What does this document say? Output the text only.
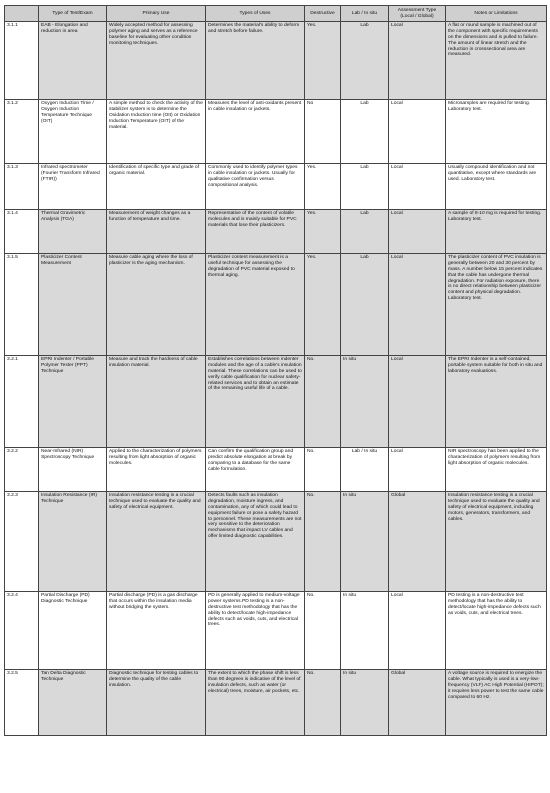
	Type of Test/Exam	Primary Use	Types of Uses	Destructive	Lab / In situ	Assessment Type (Local / Global)	Notes or Limitations
3.1.1	EAB - Elongation and reduction in area	Widely accepted method for assessing polymer aging and serves as a reference baseline for evaluating other condition monitoring techniques.	Determines the material's ability to deform and stretch before failure.	Yes.	Lab	Local	A flat or round sample is machined out of the component with specific requirements on the dimensions and is pulled to failure. The amount of linear stretch and the reduction in crosssectional area are measured.
3.1.2	Oxygen Induction Time / Oxygen Induction Temperature Technique (OIT)	A simple method to check the activity of the stabilizer system is to determine the Oxidation Induction time (OIt) or Oxidation Induction Temperature (OIT) of the material.	Measures the level of anti-oxidants present in cable insulation or jackets.	No	Lab	Local	Microsamples are required for testing. Laboratory test.
3.1.3	Infrared spectrometer (Fourier Transform Infrared (FTIR))	Identification of specific type and grade of organic material.	Commonly used to identify polymer types in cable insulation or jackets. Usually for qualitative confirmation versus compositional analysis.	Yes.	Lab	Local	Usually compound identification and not quantitative, except where standards are used. Laboratory test.
3.1.4	Thermal Gravimetric Analysis (TGA)	Measurement of weight changes as a function of temperature and time.	Representative of the content of volatile molecules and is mainly suitable for PVC materials that lose their plasticizers.	Yes.	Lab	Local	A sample of 8-10 mg is required for testing. Laboratory test.
3.1.5	Plasticizer Content Measurement	Measure cable aging where the loss of plasticizer is the aging mechanism.	Plasticizer content measurement is a useful technique for assessing the degradation of PVC material exposed to thermal aging.	Yes.	Lab	Local	The plasticizer content of PVC insulation is generally between 20 and 30 percent by mass. A number below 15 percent indicates that the cable has undergone thermal degradation. For radiation exposure, there is no direct relationship between plasticizer content and physical degradation. Laboratory test.
3.2.1	EPRI Indenter / Portable Polymer Tester (PPT) Technique	Measure and track the hardness of cable insulation material.	Establishes correlations between indenter modules and the age of a cable's insulation material. These correlations can be used to verify cable qualification for nuclear safety-related services and to obtain an estimate of the remaining useful life of a cable.	No.	In situ	Local	The EPRI Indenter is a self-contained, portable system suitable for both in situ and laboratory evaluations.
3.2.2	Near-Infrared (NIR) Spectroscopy Technique	Applied to the characterization of polymers resulting from light absorption of organic molecules.	Can confirm the qualification group and predict absolute elongation at break by comparing to a database for the same cable formulation.	No.	Lab / In situ	Local	NIR spectroscopy has been applied to the characterization of polymers resulting from light absorption of organic molecules.
3.2.3	Insulation Resistance (IR) Technique	Insulation resistance testing is a crucial technique used to evaluate the quality and safety of electrical equipment.	Detects faults such as insulation degradation, moisture ingress, and contamination, any of which could lead to equipment failure or pose a safety hazard to personnel. These measurements are not very sensitive to the deterioration mechanisms that impact LV cables and offer limited diagnostic capabilities.	No.	In situ	Global	Insulation resistance testing is a crucial technique used to evaluate the quality and safety of electrical equipment, including motors, generators, transformers, and cables.
3.2.4	Partial Discharge (PD) Diagnostic Technique	Partial discharge (PD) is a gas discharge that occurs within the insulation media without bridging the system.	PD is generally applied to medium-voltage power systems.PD testing is a non-destructive test methodology that has the ability to detect/locate high-impedance defects such as voids, cuts, and electrical trees.	No.	In situ	Local	PD testing is a non-destructive test methodology that has the ability to detect/locate high-impedance defects such as voids, cuts, and electrical trees.
3.2.5	Tan Delta Diagnostic Technique	Diagnostic technique for testing cables to determine the quality of the cable insulation.	The extent to which the phase shift is less than 90 degrees is indicative of the level of insulation defects, such as water (or electrical) trees, moisture, air pockets, etc.	No.	In situ	Global	A voltage source is required to energize the cable. What typically is used is a very-low-frequency (VLF) AC High Potential (HIPOT); it requires less power to test the same cable compared to 60 Hz.
